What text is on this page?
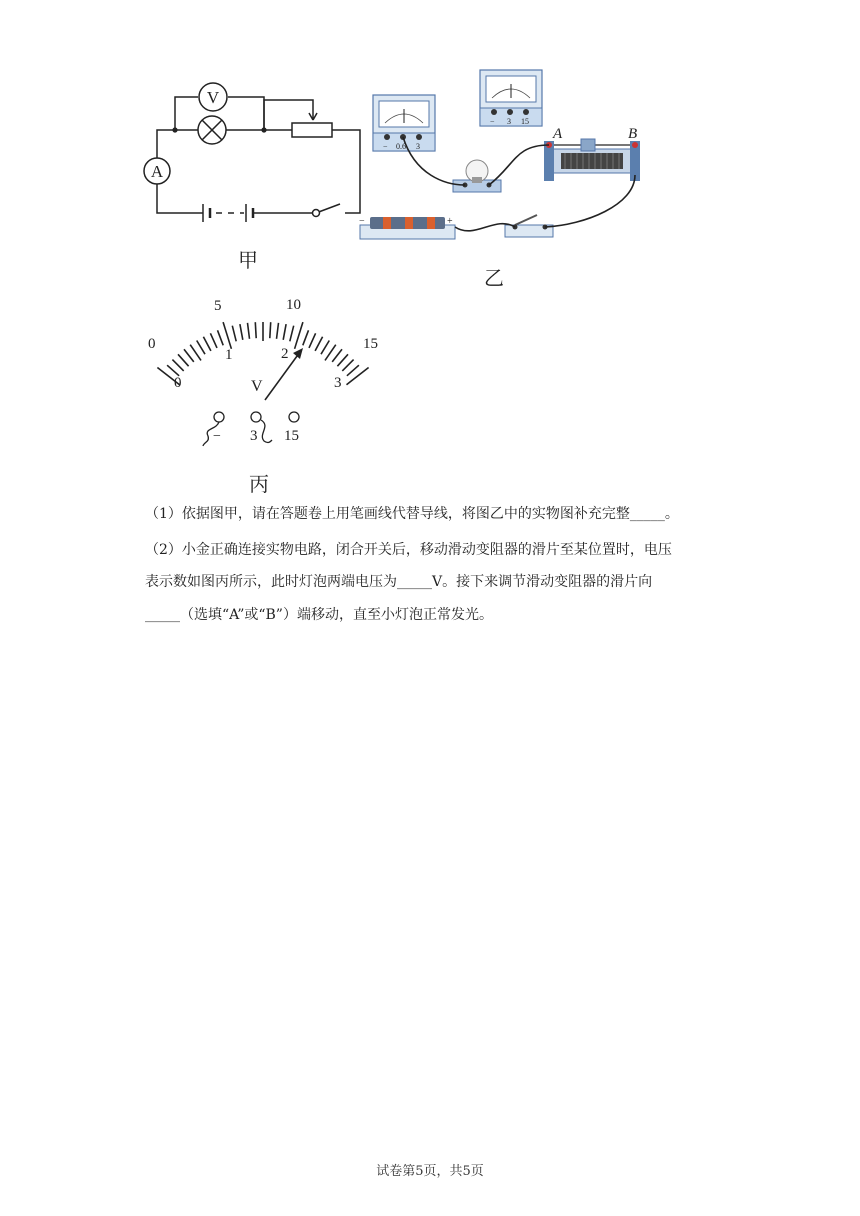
V
A
甲
− 0.6 3
− 3 15
A	B
−	+
乙
0
5	10
15
0
1	2
3
V
− 3 15
丙
（1）依据图甲，请在答题卷上用笔画线代替导线，将图乙中的实物图补充完整_____。
（2）小金正确连接实物电路，闭合开关后，移动滑动变阻器的滑片至某位置时，电压
表示数如图丙所示，此时灯泡两端电压为_____V。接下来调节滑动变阻器的滑片向
_____（选填“A”或“B”）端移动，直至小灯泡正常发光。
试卷第5页，共5页
